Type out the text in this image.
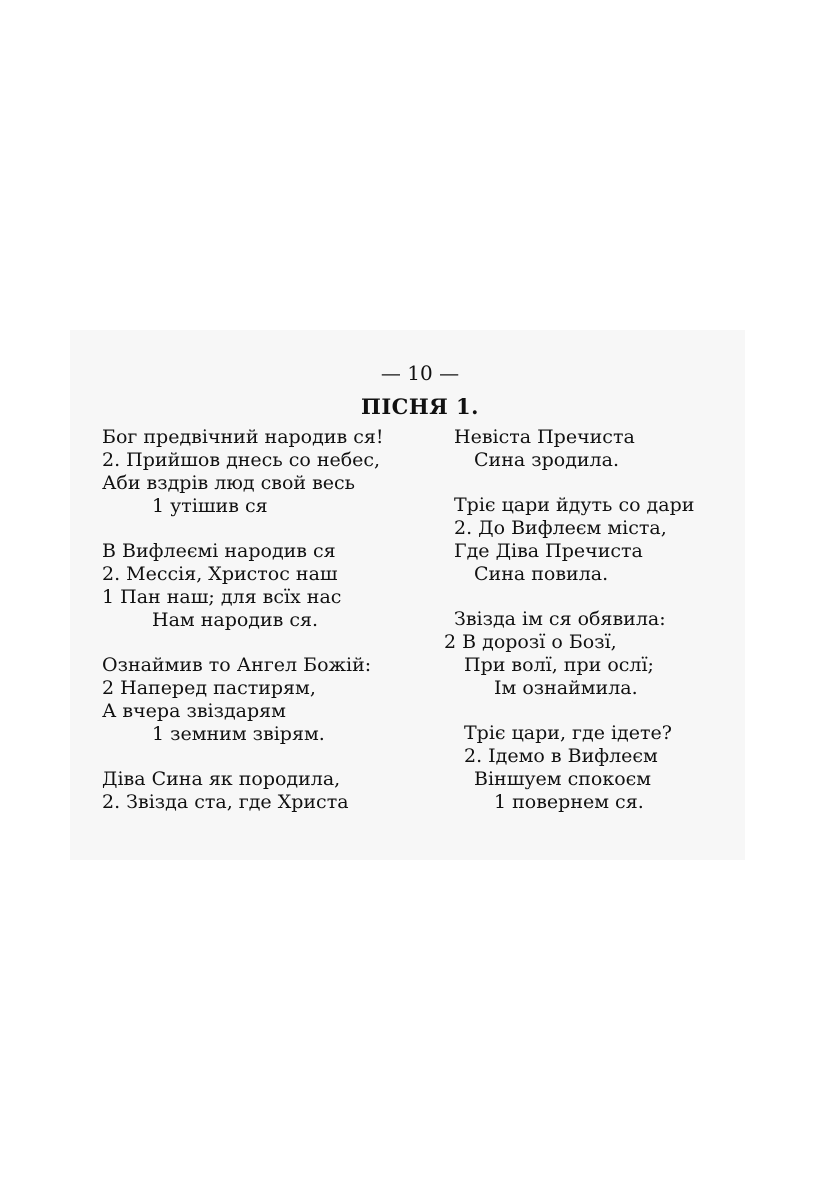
— 10 —
ПІСНЯ 1.
Бог предвічний народив ся!
2. Прийшов днесь со небес,
Аби вздрів люд свой весь
1 утішив ся
В Вифлеємі народив ся
2. Мессія, Христос наш
1 Пан наш; для всїх нас
Нам народив ся.
Ознаймив то Ангел Божій:
2 Наперед пастирям,
А вчера звіздарям
1 земним звірям.
Діва Сина як породила,
2. Звізда ста, где Христа
Невіста Пречиста
Сина зродила.
Тріє цари йдуть со дари
2. До Вифлеєм міста,
Где Діва Пречиста
Сина повила.
Звізда ім ся обявила:
2 В дорозї о Бозї,
При волї, при ослї;
Ім ознаймила.
Тріє цари, где ідете?
2. Ідемо в Вифлеєм
Віншуем спокоєм
1 повернем ся.
